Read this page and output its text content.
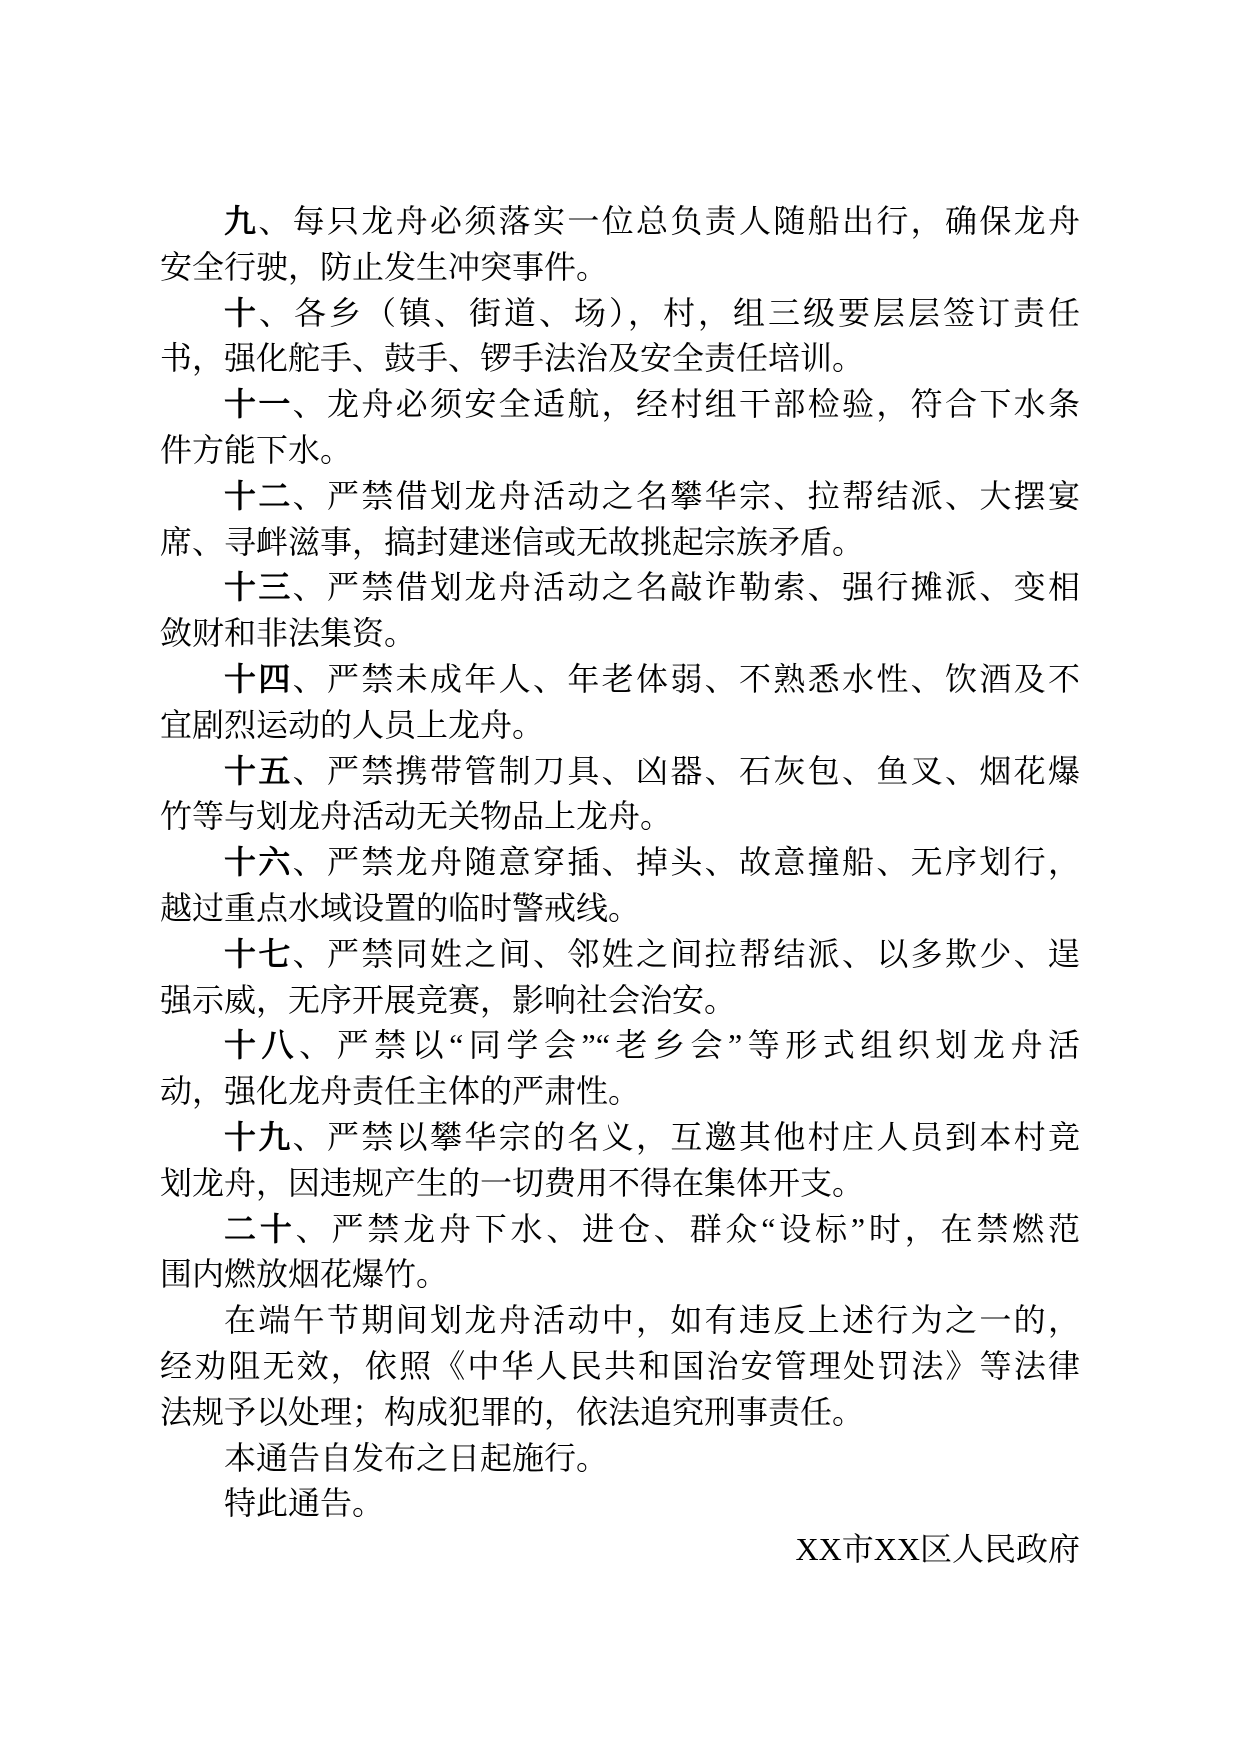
九、每只龙舟必须落实一位总负责人随船出行，确保龙舟
安全行驶，防止发生冲突事件。
十、各乡（镇、街道、场），村，组三级要层层签订责任
书，强化舵手、鼓手、锣手法治及安全责任培训。
十一、龙舟必须安全适航，经村组干部检验，符合下水条
件方能下水。
十二、严禁借划龙舟活动之名攀华宗、拉帮结派、大摆宴
席、寻衅滋事，搞封建迷信或无故挑起宗族矛盾。
十三、严禁借划龙舟活动之名敲诈勒索、强行摊派、变相
敛财和非法集资。
十四、严禁未成年人、年老体弱、不熟悉水性、饮酒及不
宜剧烈运动的人员上龙舟。
十五、严禁携带管制刀具、凶器、石灰包、鱼叉、烟花爆
竹等与划龙舟活动无关物品上龙舟。
十六、严禁龙舟随意穿插、掉头、故意撞船、无序划行，
越过重点水域设置的临时警戒线。
十七、严禁同姓之间、邻姓之间拉帮结派、以多欺少、逞
强示威，无序开展竞赛，影响社会治安。
十八、严禁以“同学会”“老乡会”等形式组织划龙舟活
动，强化龙舟责任主体的严肃性。
十九、严禁以攀华宗的名义，互邀其他村庄人员到本村竞
划龙舟，因违规产生的一切费用不得在集体开支。
二十、严禁龙舟下水、进仓、群众“设标”时，在禁燃范
围内燃放烟花爆竹。
在端午节期间划龙舟活动中，如有违反上述行为之一的，
经劝阻无效，依照《中华人民共和国治安管理处罚法》等法律
法规予以处理；构成犯罪的，依法追究刑事责任。
本通告自发布之日起施行。
特此通告。
XX市XX区人民政府
